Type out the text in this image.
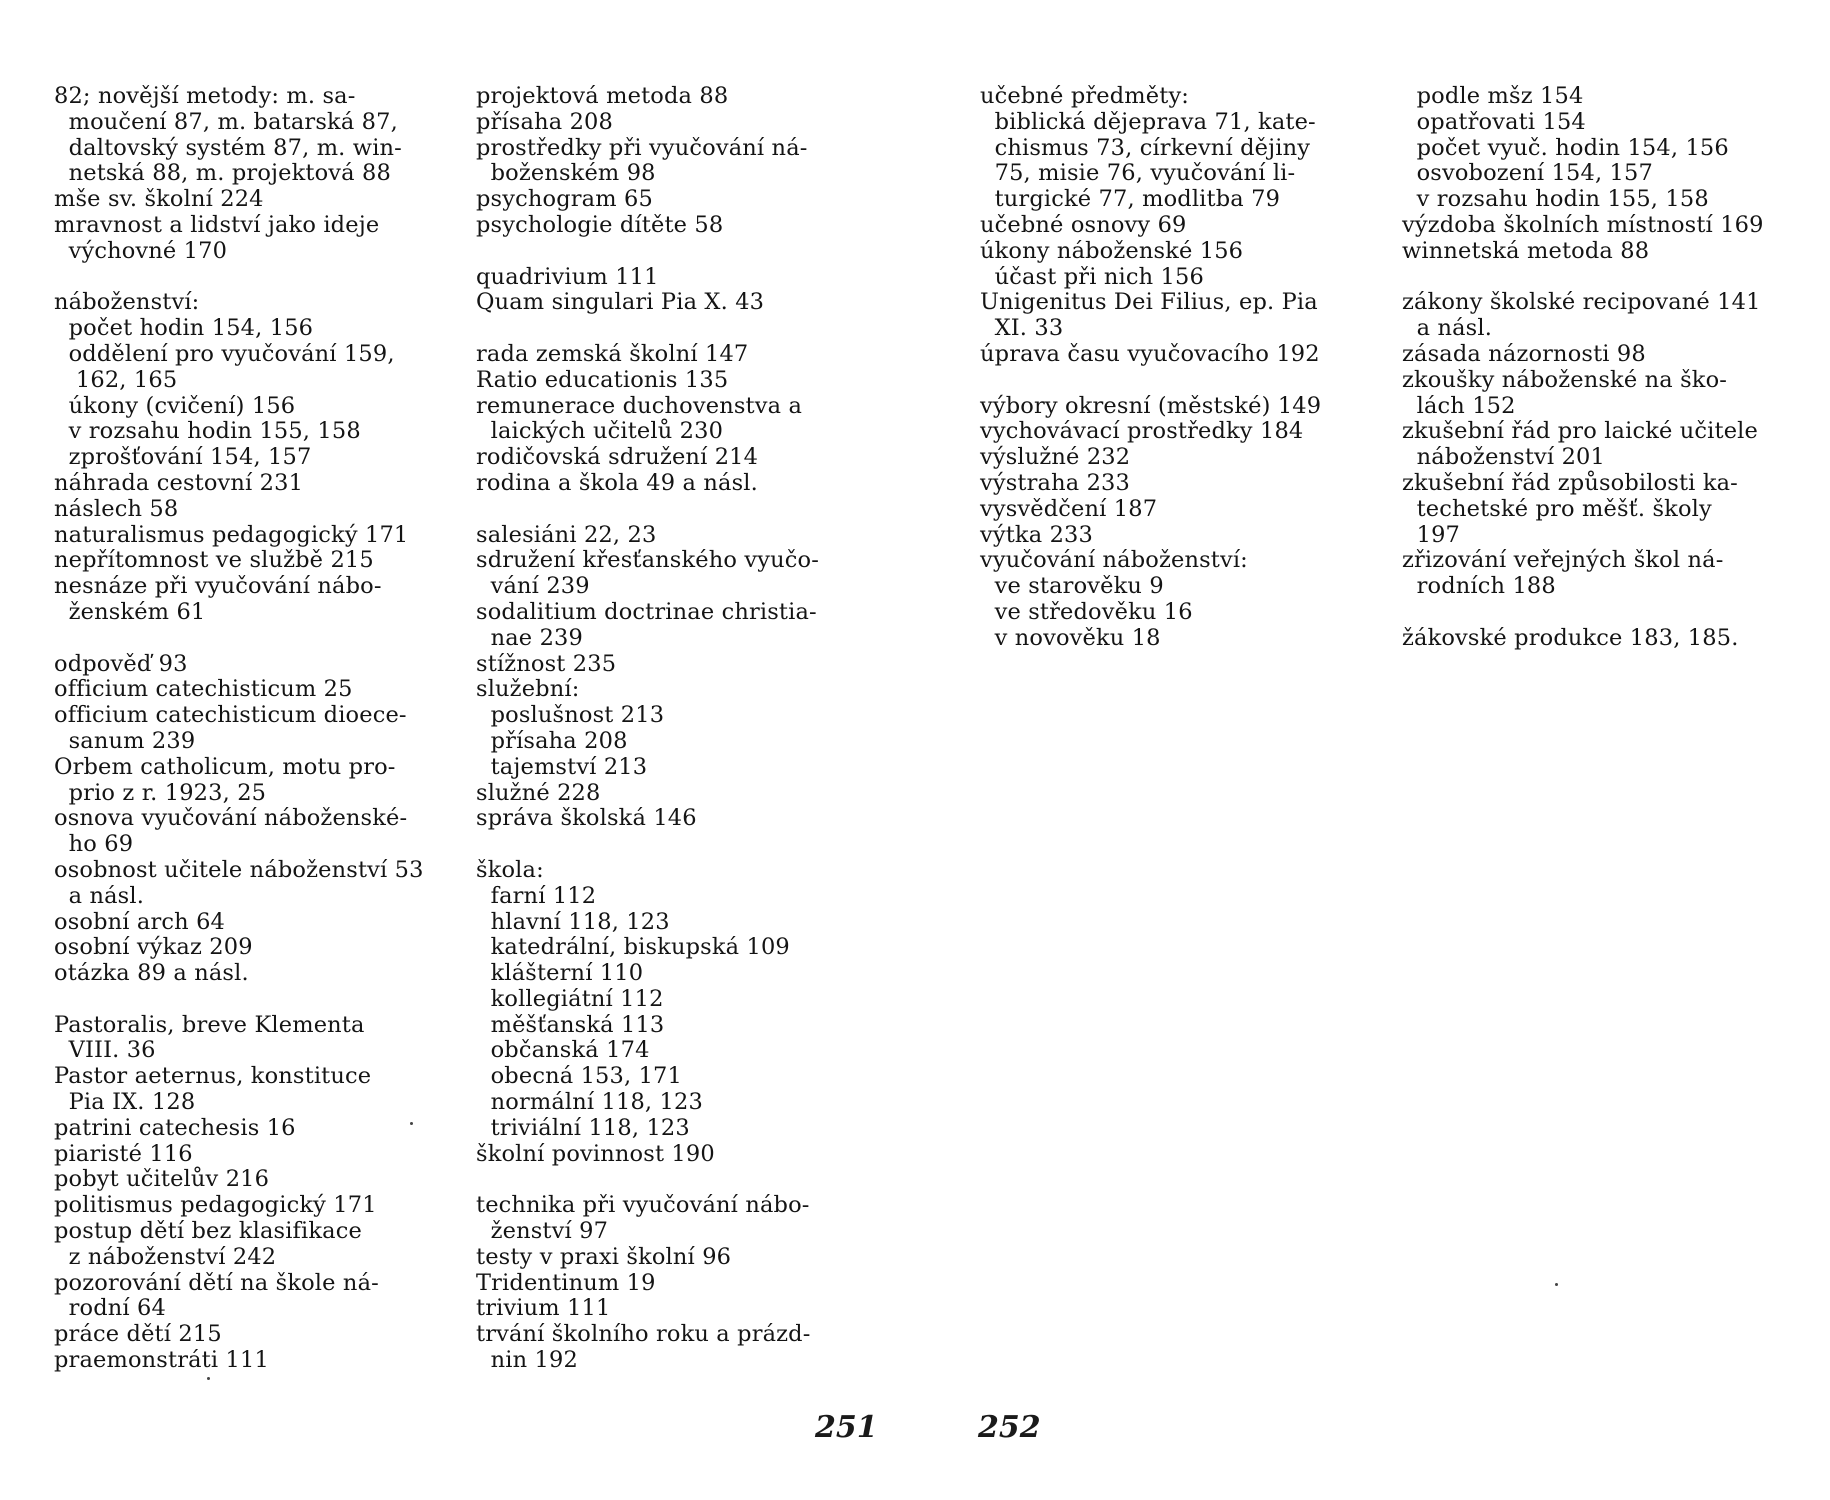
82; novější metody: m. sa-
moučení 87, m. batarská 87,
daltovský systém 87, m. win-
netská 88, m. projektová 88
mše sv. školní 224
mravnost a lidství jako ideje
výchovné 170
náboženství:
počet hodin 154, 156
oddělení pro vyučování 159,
162, 165
úkony (cvičení) 156
v rozsahu hodin 155, 158
zprošťování 154, 157
náhrada cestovní 231
náslech 58
naturalismus pedagogický 171
nepřítomnost ve službě 215
nesnáze při vyučování nábo-
ženském 61
odpověď 93
officium catechisticum 25
officium catechisticum dioece-
sanum 239
Orbem catholicum, motu pro-
prio z r. 1923, 25
osnova vyučování náboženské-
ho 69
osobnost učitele náboženství 53
a násl.
osobní arch 64
osobní výkaz 209
otázka 89 a násl.
Pastoralis, breve Klementa
VIII. 36
Pastor aeternus, konstituce
Pia IX. 128
patrini catechesis 16
piaristé 116
pobyt učitelův 216
politismus pedagogický 171
postup dětí bez klasifikace
z náboženství 242
pozorování dětí na škole ná-
rodní 64
práce dětí 215
praemonstráti 111
projektová metoda 88
přísaha 208
prostředky při vyučování ná-
boženském 98
psychogram 65
psychologie dítěte 58
quadrivium 111
Quam singulari Pia X. 43
rada zemská školní 147
Ratio educationis 135
remunerace duchovenstva a
laických učitelů 230
rodičovská sdružení 214
rodina a škola 49 a násl.
salesiáni 22, 23
sdružení křesťanského vyučo-
vání 239
sodalitium doctrinae christia-
nae 239
stížnost 235
služební:
poslušnost 213
přísaha 208
tajemství 213
služné 228
správa školská 146
škola:
farní 112
hlavní 118, 123
katedrální, biskupská 109
klášterní 110
kollegiátní 112
měšťanská 113
občanská 174
obecná 153, 171
normální 118, 123
triviální 118, 123
školní povinnost 190
technika při vyučování nábo-
ženství 97
testy v praxi školní 96
Tridentinum 19
trivium 111
trvání školního roku a prázd-
nin 192
učebné předměty:
biblická dějeprava 71, kate-
chismus 73, církevní dějiny
75, misie 76, vyučování li-
turgické 77, modlitba 79
učebné osnovy 69
úkony náboženské 156
účast při nich 156
Unigenitus Dei Filius, ep. Pia
XI. 33
úprava času vyučovacího 192
výbory okresní (městské) 149
vychovávací prostředky 184
výslužné 232
výstraha 233
vysvědčení 187
výtka 233
vyučování náboženství:
ve starověku 9
ve středověku 16
v novověku 18
podle mšz 154
opatřovati 154
počet vyuč. hodin 154, 156
osvobození 154, 157
v rozsahu hodin 155, 158
výzdoba školních místností 169
winnetská metoda 88
zákony školské recipované 141
a násl.
zásada názornosti 98
zkoušky náboženské na ško-
lách 152
zkušební řád pro laické učitele
náboženství 201
zkušební řád způsobilosti ka-
techetské pro měšť. školy
197
zřizování veřejných škol ná-
rodních 188
žákovské produkce 183, 185.
251	252
